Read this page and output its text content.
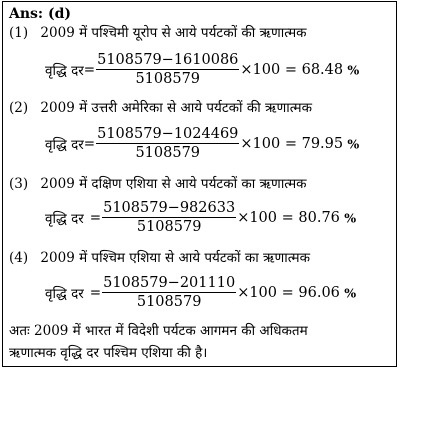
Ans: (d)
(1) 2009 में पश्चिमी यूरोप से आये पर्यटकों की ऋणात्मक
वृद्धि दर= $\frac{5108579-1610086}{5108579} \times 100 = 68.48$ %
(2) 2009 में उत्तरी अमेरिका से आये पर्यटकों की ऋणात्मक
वृद्धि दर= $\frac{5108579-1024469}{5108579} \times 100 = 79.95$ %
(3) 2009 में दक्षिण एशिया से आये पर्यटकों का ऋणात्मक
वृद्धि दर = $\frac{5108579-982633}{5108579} \times 100 = 80.76$ %
(4) 2009 में पश्चिम एशिया से आये पर्यटकों का ऋणात्मक
वृद्धि दर = $\frac{5108579-201110}{5108579} \times 100 = 96.06$ %
अतः 2009 में भारत में विदेशी पर्यटक आगमन की अधिकतम
ऋणात्मक वृद्धि दर पश्चिम एशिया की है।
